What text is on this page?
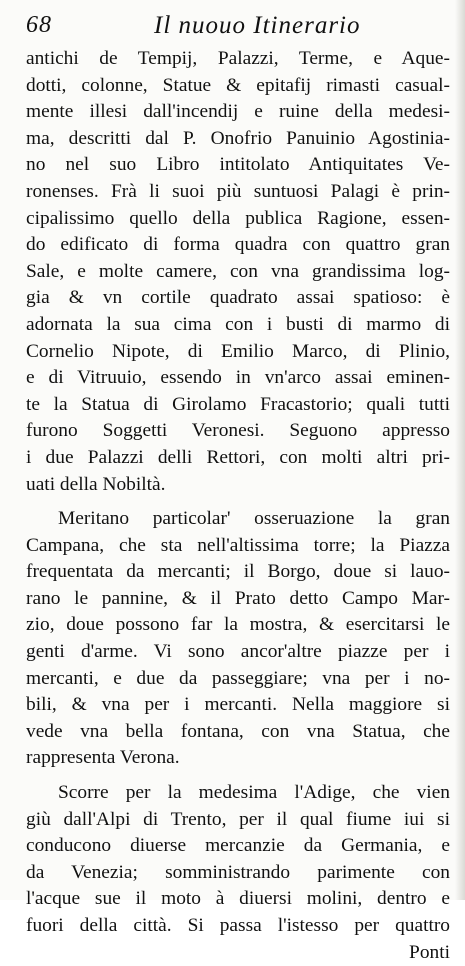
68	Il nuouo Itinerario
antichi de Tempij, Palazzi, Terme, e Aque-
dotti, colonne, Statue & epitafij rimasti casual-
mente illesi dall'incendij e ruine della medesi-
ma, descritti dal P. Onofrio Panuinio Agostinia-
no nel suo Libro intitolato Antiquitates Ve-
ronenses. Frà li suoi più suntuosi Palagi è prin-
cipalissimo quello della publica Ragione, essen-
do edificato di forma quadra con quattro gran
Sale, e molte camere, con vna grandissima log-
gia & vn cortile quadrato assai spatioso: è
adornata la sua cima con i busti di marmo di
Cornelio Nipote, di Emilio Marco, di Plinio,
e di Vitruuio, essendo in vn'arco assai eminen-
te la Statua di Girolamo Fracastorio; quali tutti
furono Soggetti Veronesi. Seguono appresso
i due Palazzi delli Rettori, con molti altri pri-
uati della Nobiltà.
Meritano particolar' osseruazione la gran
Campana, che sta nell'altissima torre; la Piazza
frequentata da mercanti; il Borgo, doue si lauo-
rano le pannine, & il Prato detto Campo Mar-
zio, doue possono far la mostra, & esercitarsi le
genti d'arme. Vi sono ancor'altre piazze per i
mercanti, e due da passeggiare; vna per i no-
bili, & vna per i mercanti. Nella maggiore si
vede vna bella fontana, con vna Statua, che
rappresenta Verona.
Scorre per la medesima l'Adige, che vien
giù dall'Alpi di Trento, per il qual fiume iui si
conducono diuerse mercanzie da Germania, e
da Venezia; somministrando parimente con
l'acque sue il moto à diuersi molini, dentro e
fuori della città. Si passa l'istesso per quattro
Ponti
